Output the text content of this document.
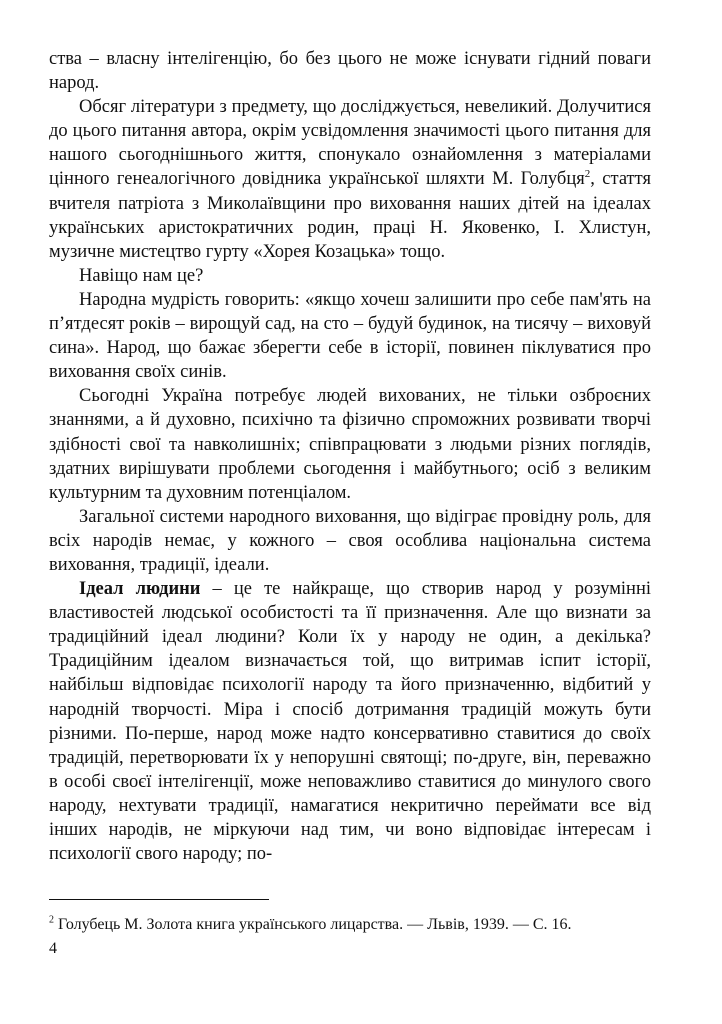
ства – власну інтелігенцію, бо без цього не може існувати гідний поваги народ.

Обсяг літератури з предмету, що досліджується, невеликий. Долучитися до цього питання автора, окрім усвідомлення значимості цього питання для нашого сьогоднішнього життя, спонукало ознайомлення з матеріалами цінного генеалогічного довідника української шляхти М. Голубця$^2$, стаття вчителя патріота з Миколаївщини про виховання наших дітей на ідеалах українських аристократичних родин, праці Н. Яковенко, І. Хлистун, музичне мистецтво гурту «Хорея Козацька» тощо.

Навіщо нам це?

Народна мудрість говорить: «якщо хочеш залишити про себе пам'ять на п’ятдесят років – вирощуй сад, на сто – будуй будинок, на тисячу – виховуй сина». Народ, що бажає зберегти себе в історії, повинен піклуватися про виховання своїх синів.

Сьогодні Україна потребує людей вихованих, не тільки озброєних знаннями, а й духовно, психічно та фізично спроможних розвивати творчі здібності свої та навколишніх; співпрацювати з людьми різних поглядів, здатних вирішувати проблеми сьогодення і майбутнього; осіб з великим культурним та духовним потенціалом.

Загальної системи народного виховання, що відіграє провідну роль, для всіх народів немає, у кожного – своя особлива національна система виховання, традиції, ідеали.

Ідеал людини – це те найкраще, що створив народ у розумінні властивостей людської особистості та її призначення. Але що визнати за традиційний ідеал людини? Коли їх у народу не один, а декілька? Традиційним ідеалом визначається той, що витримав іспит історії, найбільш відповідає психології народу та його призначенню, відбитий у народній творчості. Міра і спосіб дотримання традицій можуть бути різними. По-перше, народ може надто консервативно ставитися до своїх традицій, перетворювати їх у непорушні святощі; по-друге, він, переважно в особі своєї інтелігенції, може неповажливо ставитися до минулого свого народу, нехтувати традиції, намагатися некритично переймати все від інших народів, не міркуючи над тим, чи воно відповідає інтересам і психології свого народу; по-

$^2$ Голубець М. Золота книга українського лицарства. — Львів, 1939. — С. 16.
4
